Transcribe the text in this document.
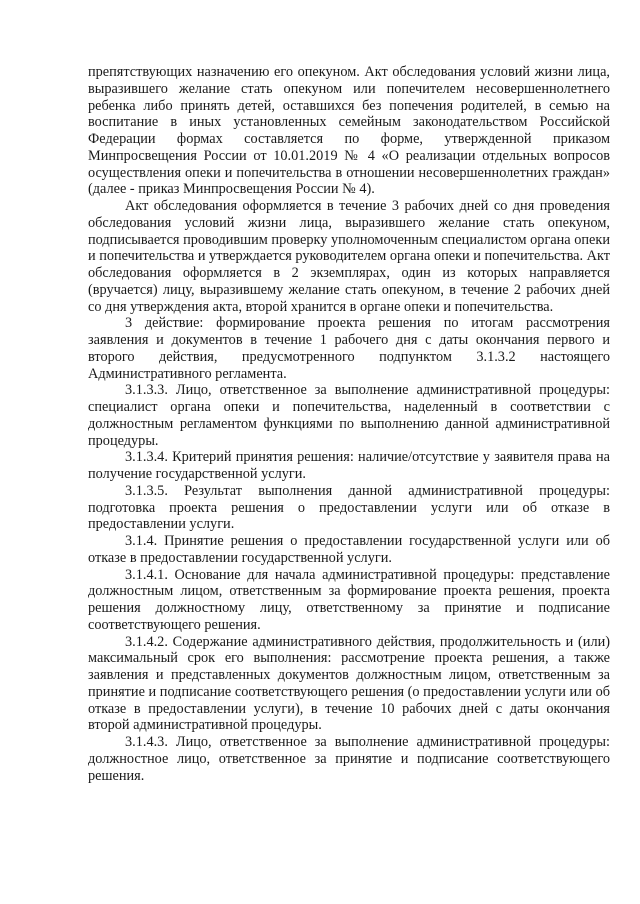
препятствующих назначению его опекуном. Акт обследования условий жизни лица, выразившего желание стать опекуном или попечителем несовершеннолетнего ребенка либо принять детей, оставшихся без попечения родителей, в семью на воспитание в иных установленных семейным законодательством Российской Федерации формах составляется по форме, утвержденной приказом Минпросвещения России от 10.01.2019 № 4 «О реализации отдельных вопросов осуществления опеки и попечительства в отношении несовершеннолетних граждан» (далее - приказ Минпросвещения России № 4).

Акт обследования оформляется в течение 3 рабочих дней со дня проведения обследования условий жизни лица, выразившего желание стать опекуном, подписывается проводившим проверку уполномоченным специалистом органа опеки и попечительства и утверждается руководителем органа опеки и попечительства. Акт обследования оформляется в 2 экземплярах, один из которых направляется (вручается) лицу, выразившему желание стать опекуном, в течение 2 рабочих дней со дня утверждения акта, второй хранится в органе опеки и попечительства.

3 действие: формирование проекта решения по итогам рассмотрения заявления и документов в течение 1 рабочего дня с даты окончания первого и второго действия, предусмотренного подпунктом 3.1.3.2 настоящего Административного регламента.

3.1.3.3. Лицо, ответственное за выполнение административной процедуры: специалист органа опеки и попечительства, наделенный в соответствии с должностным регламентом функциями по выполнению данной административной процедуры.

3.1.3.4. Критерий принятия решения: наличие/отсутствие у заявителя права на получение государственной услуги.

3.1.3.5. Результат выполнения данной административной процедуры: подготовка проекта решения о предоставлении услуги или об отказе в предоставлении услуги.

3.1.4. Принятие решения о предоставлении государственной услуги или об отказе в предоставлении государственной услуги.

3.1.4.1. Основание для начала административной процедуры: представление должностным лицом, ответственным за формирование проекта решения, проекта решения должностному лицу, ответственному за принятие и подписание соответствующего решения.

3.1.4.2. Содержание административного действия, продолжительность и (или) максимальный срок его выполнения: рассмотрение проекта решения, а также заявления и представленных документов должностным лицом, ответственным за принятие и подписание соответствующего решения (о предоставлении услуги или об отказе в предоставлении услуги), в течение 10 рабочих дней с даты окончания второй административной процедуры.

3.1.4.3. Лицо, ответственное за выполнение административной процедуры: должностное лицо, ответственное за принятие и подписание соответствующего решения.
